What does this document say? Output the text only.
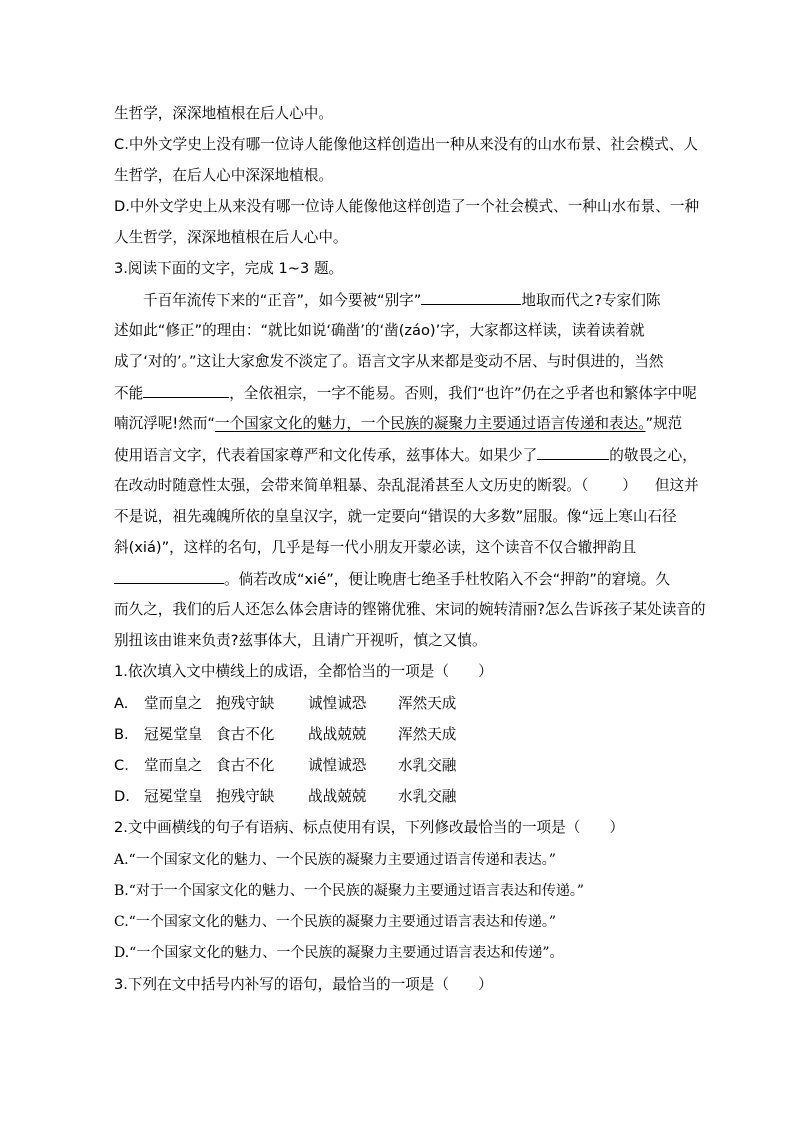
生哲学，深深地植根在后人心中。
C.中外文学史上没有哪一位诗人能像他这样创造出一种从来没有的山水布景、社会模式、人
生哲学，在后人心中深深地植根。
D.中外文学史上从来没有哪一位诗人能像他这样创造了一个社会模式、一种山水布景、一种
人生哲学，深深地植根在后人心中。
3.阅读下面的文字，完成 1~3 题。
千百年流传下来的“正音”，如今要被“别字”	地取而代之?专家们陈
述如此“修正”的理由：“就比如说‘确凿’的‘凿(záo)’字，大家都这样读，读着读着就
成了‘对的’。”这让大家愈发不淡定了。语言文字从来都是变动不居、与时俱进的，当然
不能	，全依祖宗，一字不能易。否则，我们“也许”仍在之乎者也和繁体字中呢
喃沉浮呢!然而“一个国家文化的魅力，一个民族的凝聚力主要通过语言传递和表达。”规范
使用语言文字，代表着国家尊严和文化传承，兹事体大。如果少了	的敬畏之心，
在改动时随意性太强，会带来简单粗暴、杂乱混淆甚至人文历史的断裂。（ ） 但这并
不是说，祖先魂魄所依的皇皇汉字，就一定要向“错误的大多数”屈服。像“远上寒山石径
斜(xiá)”，这样的名句，几乎是每一代小朋友开蒙必读，这个读音不仅合辙押韵且
。倘若改成“xié”，便让晚唐七绝圣手杜牧陷入不会“押韵”的窘境。久
而久之，我们的后人还怎么体会唐诗的铿锵优雅、宋词的婉转清丽?怎么告诉孩子某处读音的
别扭该由谁来负责?兹事体大，且请广开视听，慎之又慎。
1.依次填入文中横线上的成语，全都恰当的一项是（　　）
A. 堂而皇之 抱残守缺 诚惶诚恐 浑然天成
B. 冠冕堂皇 食古不化 战战兢兢 浑然天成
C. 堂而皇之 食古不化 诚惶诚恐 水乳交融
D. 冠冕堂皇 抱残守缺 战战兢兢 水乳交融
2.文中画横线的句子有语病、标点使用有误，下列修改最恰当的一项是（　　）
A.“一个国家文化的魅力、一个民族的凝聚力主要通过语言传递和表达。”
B.“对于一个国家文化的魅力、一个民族的凝聚力主要通过语言表达和传递。”
C.“一个国家文化的魅力、一个民族的凝聚力主要通过语言表达和传递。”
D.“一个国家文化的魅力、一个民族的凝聚力主要通过语言表达和传递”。
3.下列在文中括号内补写的语句，最恰当的一项是（　　）
